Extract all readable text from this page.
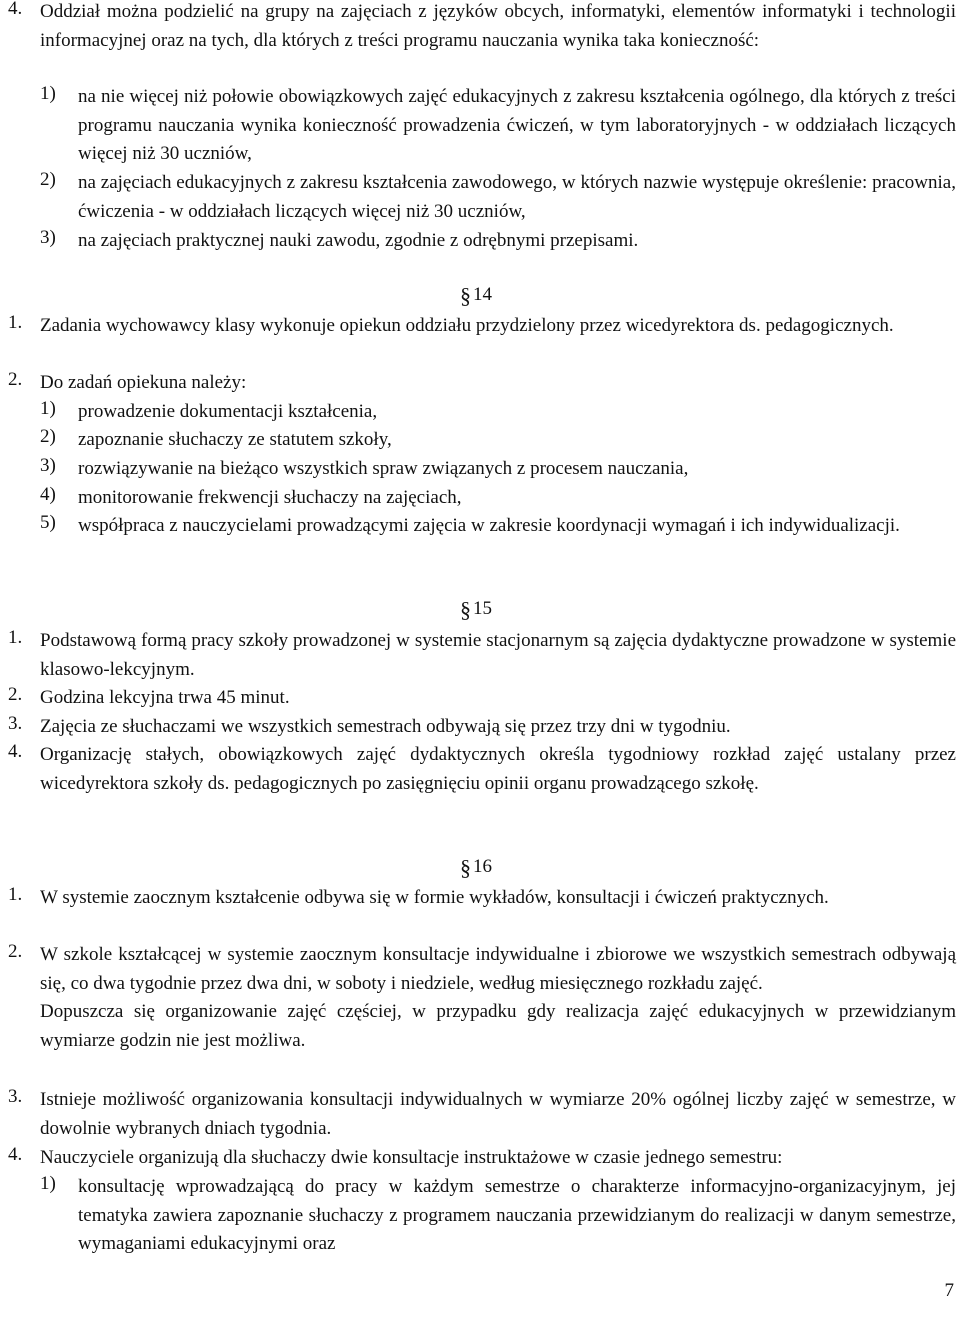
4. Oddział można podzielić na grupy na zajęciach z języków obcych, informatyki, elementów informatyki i technologii informacyjnej oraz na tych, dla których z treści programu nauczania wynika taka konieczność:
1) na nie więcej niż połowie obowiązkowych zajęć edukacyjnych z zakresu kształcenia ogólnego, dla których z treści programu nauczania wynika konieczność prowadzenia ćwiczeń, w tym laboratoryjnych - w oddziałach liczących więcej niż 30 uczniów,
2) na zajęciach edukacyjnych z zakresu kształcenia zawodowego, w których nazwie występuje określenie: pracownia, ćwiczenia - w oddziałach liczących więcej niż 30 uczniów,
3) na zajęciach praktycznej nauki zawodu, zgodnie z odrębnymi przepisami.
§ 14
1. Zadania wychowawcy klasy wykonuje opiekun oddziału przydzielony przez wicedyrektora ds. pedagogicznych.
2. Do zadań opiekuna należy:
1) prowadzenie dokumentacji kształcenia,
2) zapoznanie słuchaczy ze statutem szkoły,
3) rozwiązywanie na bieżąco wszystkich spraw związanych z procesem nauczania,
4) monitorowanie frekwencji słuchaczy na zajęciach,
5) współpraca z nauczycielami prowadzącymi zajęcia w zakresie koordynacji wymagań i ich indywidualizacji.
§ 15
1. Podstawową formą pracy szkoły prowadzonej w systemie stacjonarnym są zajęcia dydaktyczne prowadzone w systemie klasowo-lekcyjnym.
2. Godzina lekcyjna trwa 45 minut.
3. Zajęcia ze słuchaczami we wszystkich semestrach odbywają się przez trzy dni w tygodniu.
4. Organizację stałych, obowiązkowych zajęć dydaktycznych określa tygodniowy rozkład zajęć ustalany przez wicedyrektora szkoły ds. pedagogicznych po zasięgnięciu opinii organu prowadzącego szkołę.
§ 16
1. W systemie zaocznym kształcenie odbywa się w formie wykładów, konsultacji i ćwiczeń praktycznych.
2. W szkole kształcącej w systemie zaocznym konsultacje indywidualne i zbiorowe we wszystkich semestrach odbywają się, co dwa tygodnie przez dwa dni, w soboty i niedziele, według miesięcznego rozkładu zajęć.
Dopuszcza się organizowanie zajęć częściej, w przypadku gdy realizacja zajęć edukacyjnych w przewidzianym wymiarze godzin nie jest możliwa.
3. Istnieje możliwość organizowania konsultacji indywidualnych w wymiarze 20% ogólnej liczby zajęć w semestrze, w dowolnie wybranych dniach tygodnia.
4. Nauczyciele organizują dla słuchaczy dwie konsultacje instruktażowe w czasie jednego semestru:
1) konsultację wprowadzającą do pracy w każdym semestrze o charakterze informacyjno-organizacyjnym, jej tematyka zawiera zapoznanie słuchaczy z programem nauczania przewidzianym do realizacji w danym semestrze, wymaganiami edukacyjnymi oraz
7
